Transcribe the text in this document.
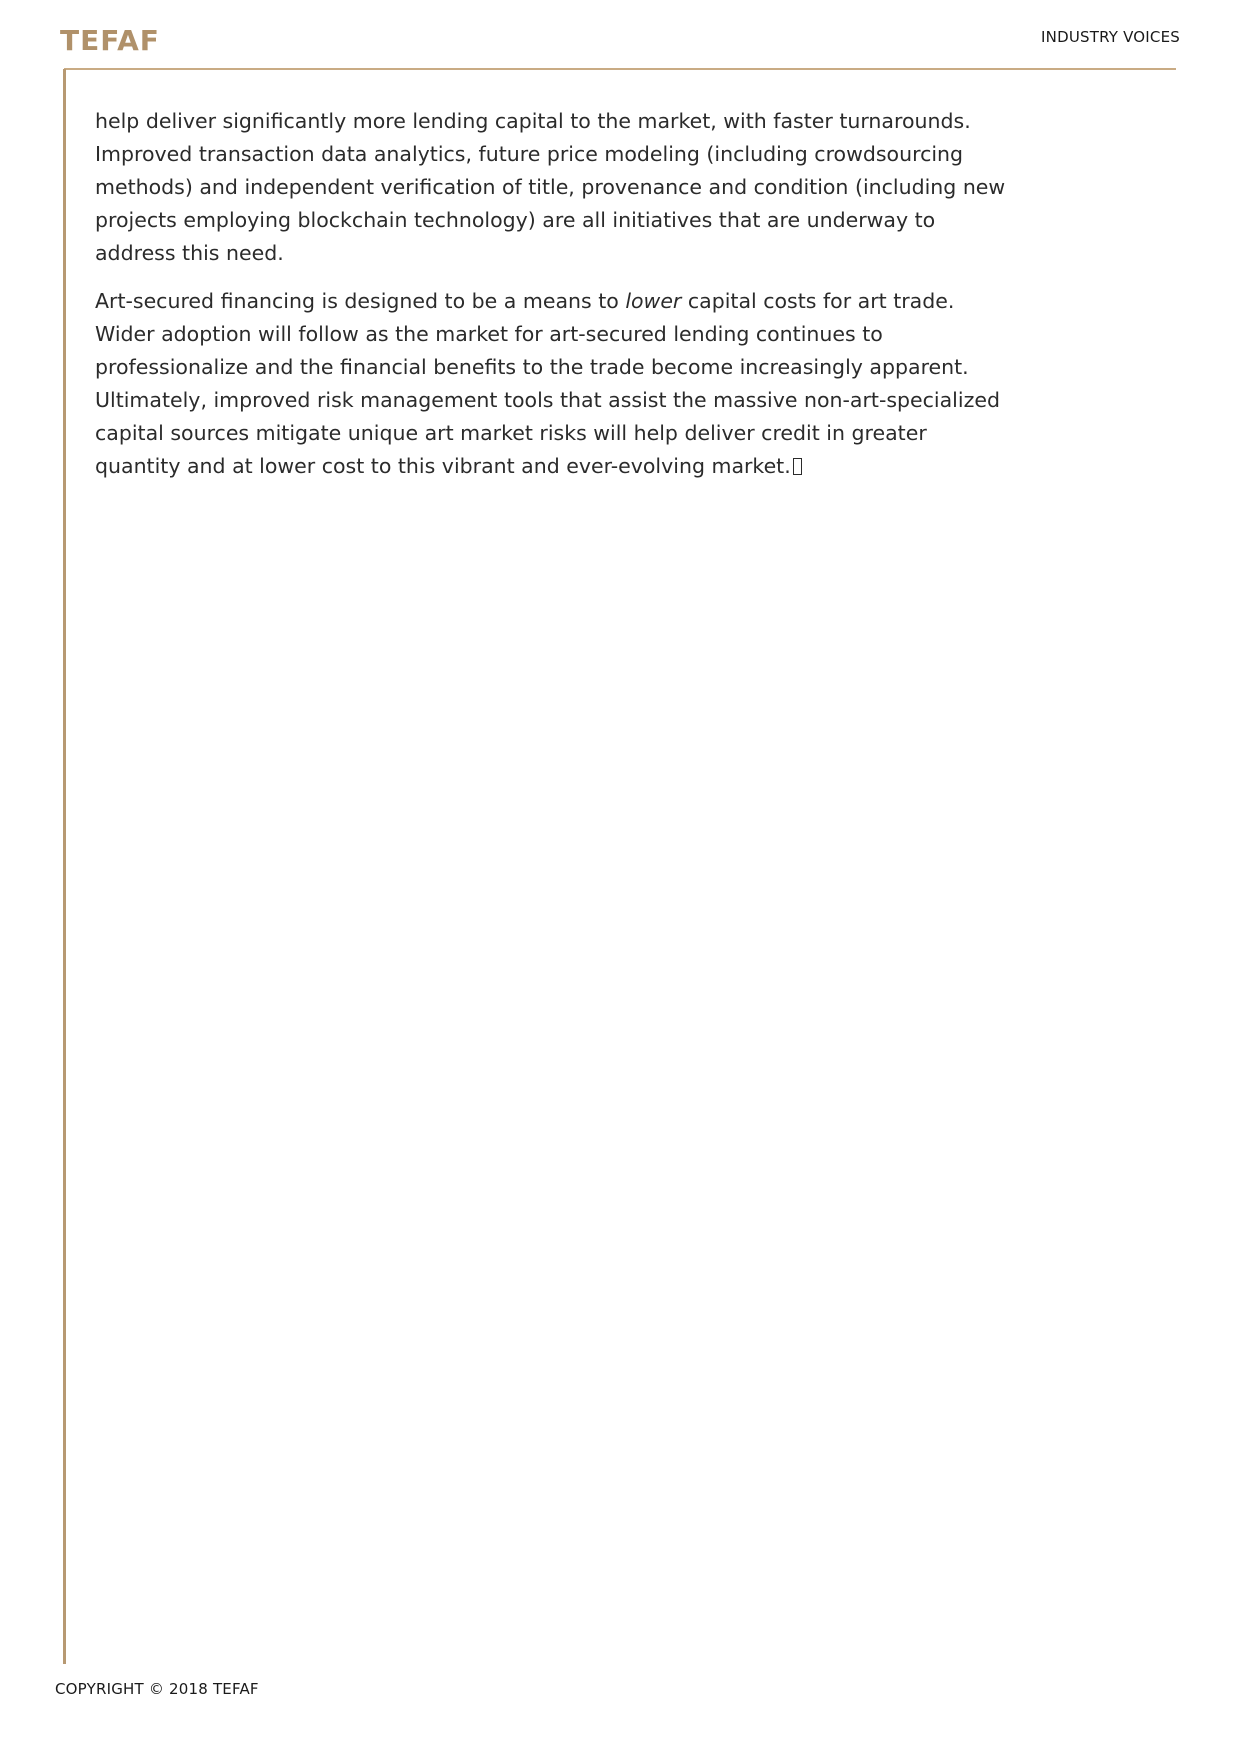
TEFAF	INDUSTRY VOICES

help deliver significantly more lending capital to the market, with faster turnarounds. Improved transaction data analytics, future price modeling (including crowdsourcing methods) and independent verification of title, provenance and condition (including new projects employing blockchain technology) are all initiatives that are underway to address this need.

Art-secured financing is designed to be a means to lower capital costs for art trade. Wider adoption will follow as the market for art-secured lending continues to professionalize and the financial benefits to the trade become increasingly apparent. Ultimately, improved risk management tools that assist the massive non-art-specialized capital sources mitigate unique art market risks will help deliver credit in greater quantity and at lower cost to this vibrant and ever-evolving market.

COPYRIGHT © 2018 TEFAF
